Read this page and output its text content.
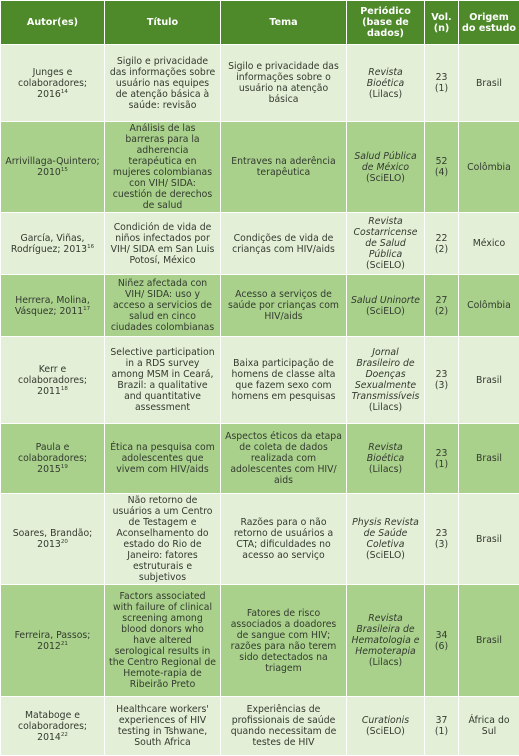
Autor(es)	Título	Tema	Periódico (base de dados)	Vol. (n)	Origem do estudo
Junges e colaboradores; 2016$^{14}$	Sigilo e privacidade das informações sobre usuário nas equipes de atenção básica à saúde: revisão	Sigilo e privacidade das informações sobre o usuário na atenção básica	Revista Bioética (Lilacs)	23 (1)	Brasil
Arrivillaga-Quintero; 2010$^{15}$	Análisis de las barreras para la adherencia terapéutica en mujeres colombianas con VIH/ SIDA: cuestión de derechos de salud	Entraves na aderência terapêutica	Salud Pública de México (SciELO)	52 (4)	Colômbia
García, Viñas, Rodríguez; 2013$^{16}$	Condición de vida de niños infectados por VIH/ SIDA em San Luis Potosí, México	Condições de vida de crianças com HIV/aids	Revista Costarricense de Salud Pública (SciELO)	22 (2)	México
Herrera, Molina, Vásquez; 2011$^{17}$	Niñez afectada con VIH/ SIDA: uso y acceso a servicios de salud en cinco ciudades colombianas	Acesso a serviços de saúde por crianças com HIV/aids	Salud Uninorte (SciELO)	27 (2)	Colômbia
Kerr e colaboradores; 2011$^{18}$	Selective participation in a RDS survey among MSM in Ceará, Brazil: a qualitative and quantitative assessment	Baixa participação de homens de classe alta que fazem sexo com homens em pesquisas	Jornal Brasileiro de Doenças Sexualmente Transmissíveis (Lilacs)	23 (3)	Brasil
Paula e colaboradores; 2015$^{19}$	Ética na pesquisa com adolescentes que vivem com HIV/aids	Aspectos éticos da etapa de coleta de dados realizada com adolescentes com HIV/ aids	Revista Bioética (Lilacs)	23 (1)	Brasil
Soares, Brandão; 2013$^{20}$	Não retorno de usuários a um Centro de Testagem e Aconselhamento do estado do Rio de Janeiro: fatores estruturais e subjetivos	Razões para o não retorno de usuários a CTA; dificuldades no acesso ao serviço	Physis Revista de Saúde Coletiva (SciELO)	23 (3)	Brasil
Ferreira, Passos; 2012$^{21}$	Factors associated with failure of clinical screening among blood donors who have altered serological results in the Centro Regional de Hemote-rapia de Ribeirão Preto	Fatores de risco associados a doadores de sangue com HIV; razões para não terem sido detectados na triagem	Revista Brasileira de Hematologia e Hemoterapia (Lilacs)	34 (6)	Brasil
Mataboge e colaboradores; 2014$^{22}$	Healthcare workers' experiences of HIV testing in Tshwane, South Africa	Experiências de profissionais de saúde quando necessitam de testes de HIV	Curationis (SciELO)	37 (1)	África do Sul
